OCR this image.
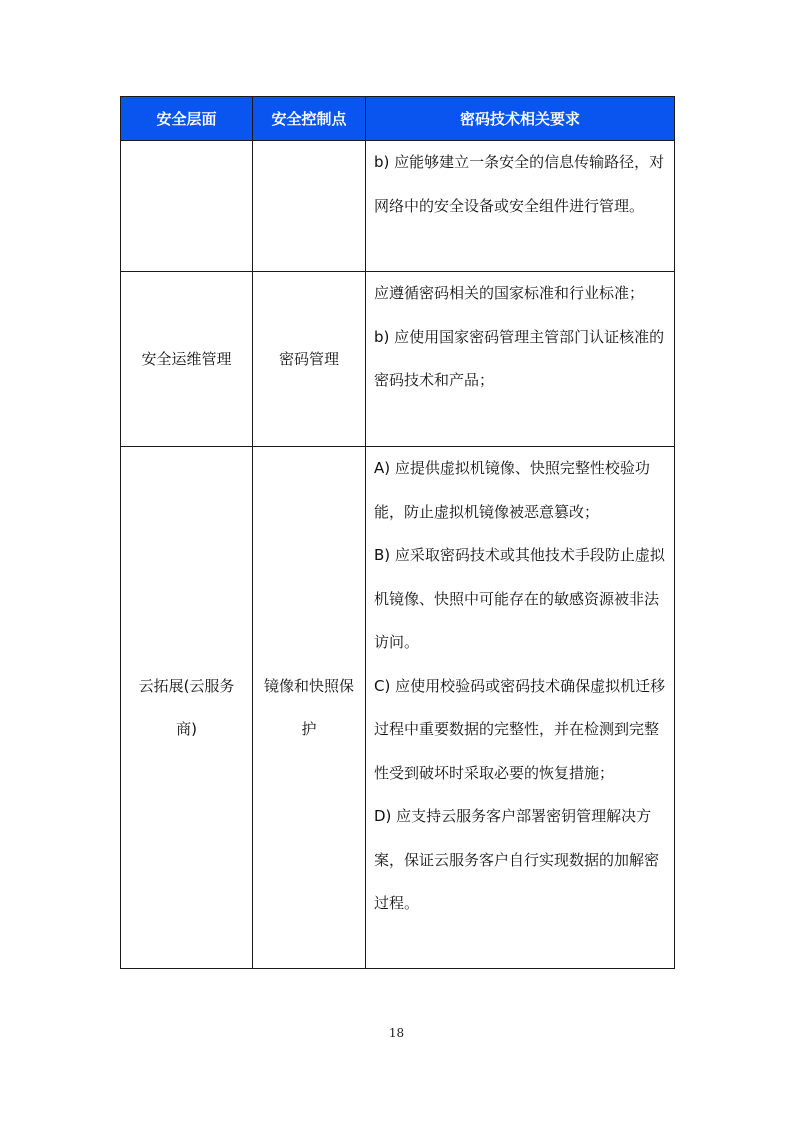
安全层面	安全控制点	密码技术相关要求

		b) 应能够建立一条安全的信息传输路径，对网络中的安全设备或安全组件进行管理。

安全运维管理	密码管理	应遵循密码相关的国家标准和行业标准；

b) 应使用国家密码管理主管部门认证核准的密码技术和产品；

云拓展(云服务商)	镜像和快照保护	A) 应提供虚拟机镜像、快照完整性校验功能，防止虚拟机镜像被恶意篡改；

B) 应采取密码技术或其他技术手段防止虚拟机镜像、快照中可能存在的敏感资源被非法访问。

C) 应使用校验码或密码技术确保虚拟机迁移过程中重要数据的完整性，并在检测到完整性受到破坏时采取必要的恢复措施；

D) 应支持云服务客户部署密钥管理解决方案，保证云服务客户自行实现数据的加解密过程。

18
